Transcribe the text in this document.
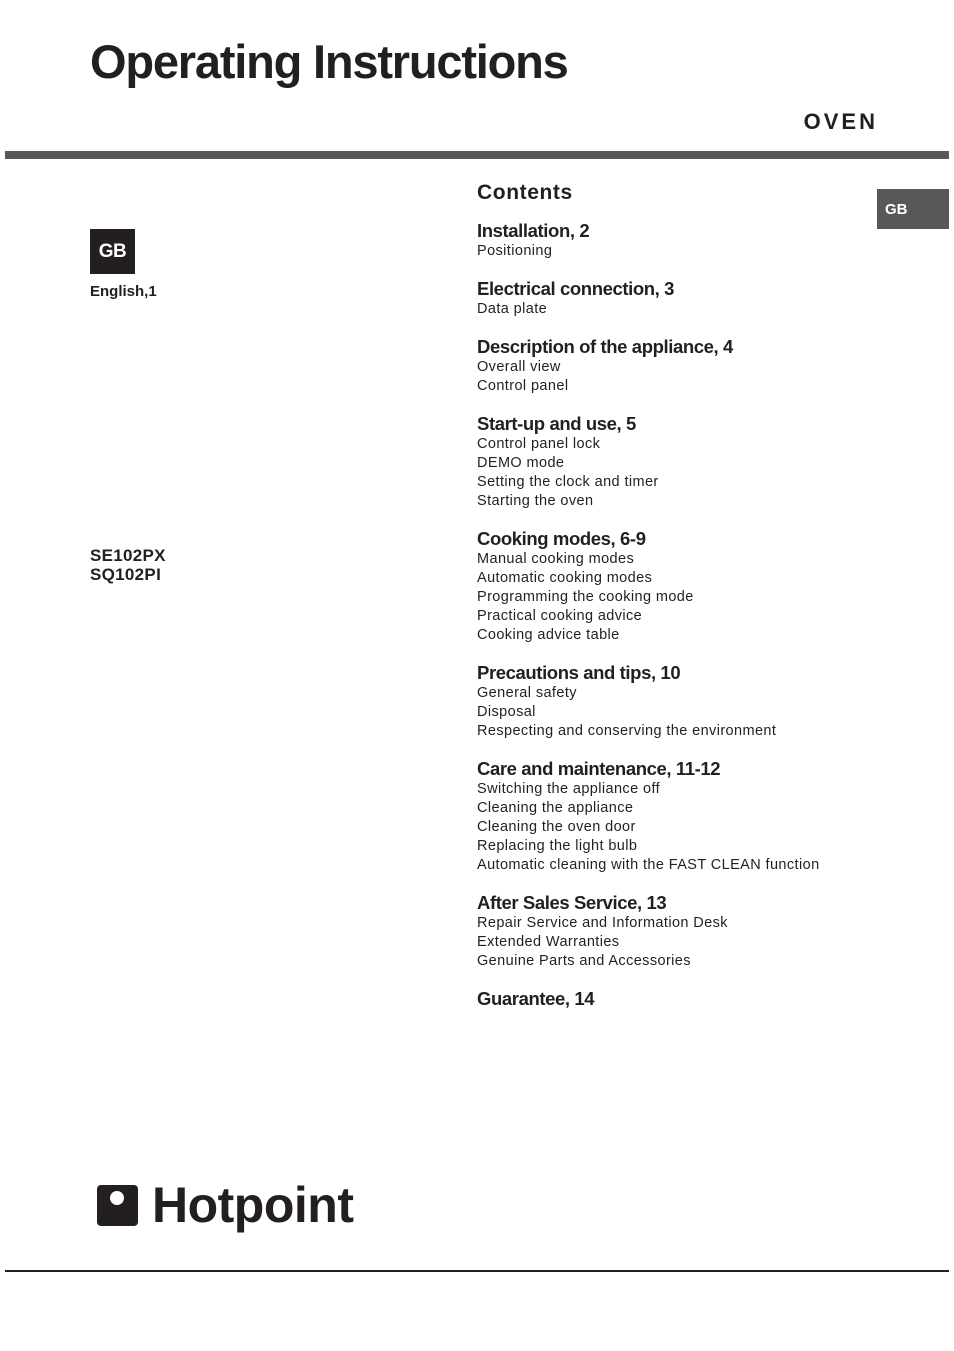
Operating Instructions
OVEN
GB
GB
English,1
SE102PX
SQ102PI
Contents
Installation, 2
Positioning
Electrical connection, 3
Data plate
Description of the appliance, 4
Overall view
Control panel
Start-up and use, 5
Control panel lock
DEMO mode
Setting the clock and timer
Starting the oven
Cooking modes, 6-9
Manual cooking modes
Automatic cooking modes
Programming the cooking mode
Practical cooking advice
Cooking advice table
Precautions and tips, 10
General safety
Disposal
Respecting and conserving the environment
Care and maintenance, 11-12
Switching the appliance off
Cleaning the appliance
Cleaning the oven door
Replacing the light bulb
Automatic cleaning with the FAST CLEAN function
After Sales Service, 13
Repair Service and Information Desk
Extended Warranties
Genuine Parts and Accessories
Guarantee, 14
Hotpoint
